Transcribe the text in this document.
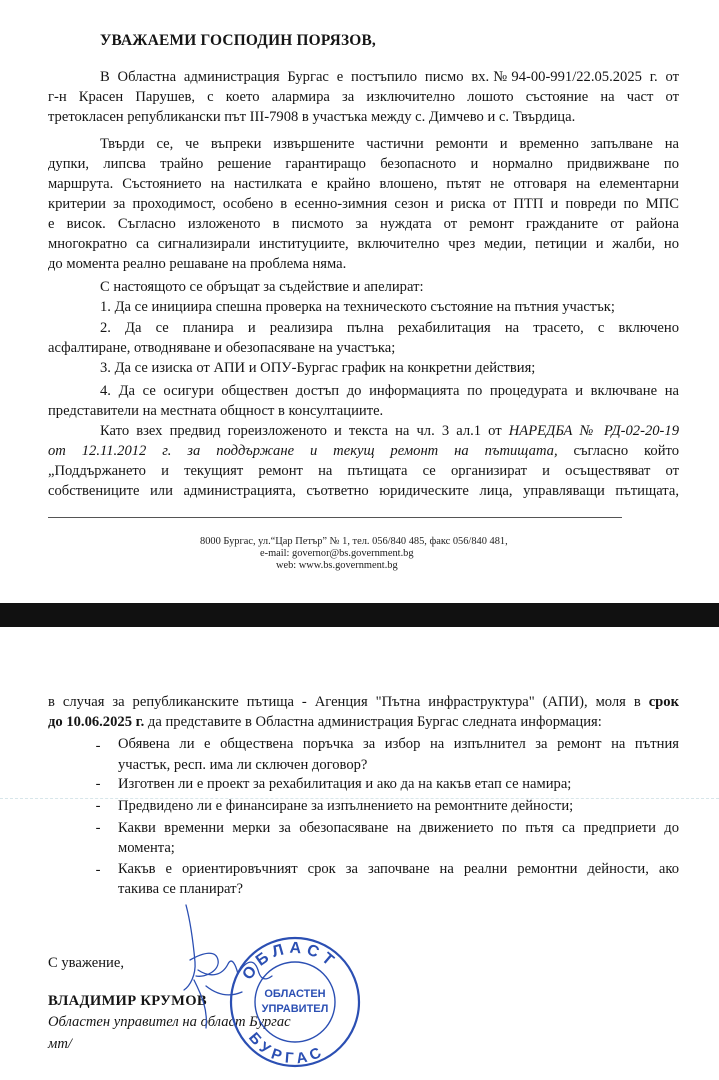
УВАЖАЕМИ ГОСПОДИН ПОРЯЗОВ,
В Областна администрация Бургас е постъпило писмо вх.№94-00-991/22.05.2025 г. от
г-н Красен Парушев, с което алармира за изключително лошото състояние на част от
третокласен републикански път III-7908 в участъка между с. Димчево и с. Твърдица.
Твърди се, че въпреки извършените частични ремонти и временно запълване на
дупки, липсва трайно решение гарантиращо безопасното и нормално придвижване по
маршрута. Състоянието на настилката е крайно влошено, пътят не отговаря на елементарни
критерии за проходимост, особено в есенно-зимния сезон и риска от ПТП и повреди по МПС
е висок. Съгласно изложеното в писмото за нуждата от ремонт гражданите от района
многократно са сигнализирали институциите, включително чрез медии, петиции и жалби, но
до момента реално решаване на проблема няма.
С настоящото се обръщат за съдействие и апелират:
1. Да се инициира спешна проверка на техническото състояние на пътния участък;
2. Да се планира и реализира пълна рехабилитация на трасето, с включено
асфалтиране, отводняване и обезопасяване на участъка;
3. Да се изиска от АПИ и ОПУ-Бургас график на конкретни действия;
4. Да се осигури обществен достъп до информацията по процедурата и включване на
представители на местната общност в консултациите.
Като взех предвид гореизложеното и текста на чл. 3 ал.1 от НАРЕДБА № РД-02-20-19
от 12.11.2012 г. за поддържане и текущ ремонт на пътищата, съгласно който
„Поддържането и текущият ремонт на пътищата се организират и осъществяват от
собствениците или администрацията, съответно юридическите лица, управляващи пътищата,
8000 Бургас, ул.“Цар Петър” № 1, тел. 056/840 485, факс 056/840 481,
e-mail: governor@bs.government.bg
web: www.bs.government.bg
в случая за републиканските пътища - Агенция "Пътна инфраструктура" (АПИ), моля в срок
до 10.06.2025 г. да представите в Областна администрация Бургас следната информация:
- Обявена ли е обществена поръчка за избор на изпълнител за ремонт на пътния
участък, респ. има ли сключен договор?
- Изготвен ли е проект за рехабилитация и ако да на какъв етап се намира;
- Предвидено ли е финансиране за изпълнението на ремонтните дейности;
- Какви временни мерки за обезопасяване на движението по пътя са предприети до
момента;
- Какъв е ориентировъчният срок за започване на реални ремонтни дейности, ако
такива се планират?
С уважение,
ВЛАДИМИР КРУМОВ
Областен управител на област Бургас
мт/
ОБЛАСТ
БУРГАС
ОБЛАСТЕН
УПРАВИТЕЛ
